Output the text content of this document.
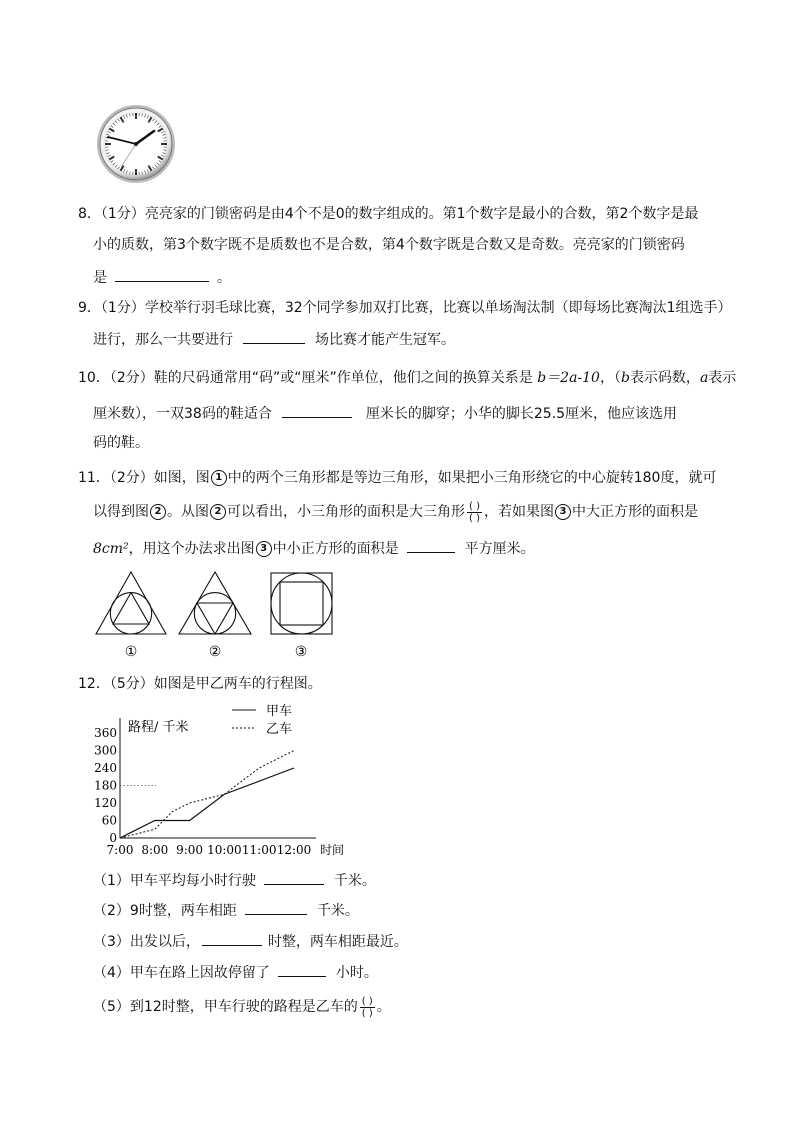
8．（1分）亮亮家的门锁密码是由4个不是0的数字组成的。第1个数字是最小的合数，第2个数字是最
小的质数，第3个数字既不是质数也不是合数，第4个数字既是合数又是奇数。亮亮家的门锁密码
是	。
9．（1分）学校举行羽毛球比赛，32个同学参加双打比赛，比赛以单场淘汰制（即每场比赛淘汰1组选手）
进行，那么一共要进行	场比赛才能产生冠军。
10．（2分）鞋的尺码通常用“码”或“厘米”作单位，他们之间的换算关系是 b＝2a-10，（b表示码数，a表示
厘米数），一双38码的鞋适合	厘米长的脚穿；小华的脚长25.5厘米，他应该选用
码的鞋。
11．（2分）如图，图 1 中的两个三角形都是等边三角形，如果把小三角形绕它的中心旋转180度，就可
以得到图 2 。从图 2 可以看出，小三角形的面积是大三角形 $\frac{( )}{( )}$ ，若如果图 3 中大正方形的面积是
8cm²，用这个办法求出图 3 中小正方形的面积是	平方厘米。
①	②	③
12．（5分）如图是甲乙两车的行程图。
0
60
120
180
240
300
360
7:00 8:00 9:00 10:00 11:00 12:00 时间
路程/ 千米
甲车
乙车
（1）甲车平均每小时行驶	千米。
（2）9时整，两车相距	千米。
（3）出发以后，	时整，两车相距最近。
（4）甲车在路上因故停留了	小时。
（5）到12时整，甲车行驶的路程是乙车的 $\frac{( )}{( )}$ 。
